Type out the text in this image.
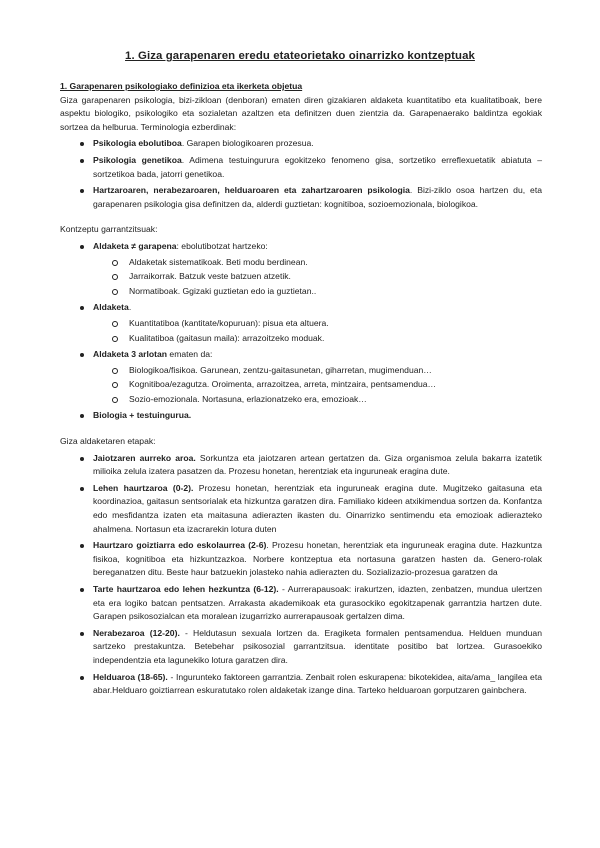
1. Giza garapenaren eredu etateorietako oinarrizko kontzeptuak

1. Garapenaren psikologiako definizioa eta ikerketa objetua

Giza garapenaren psikologia, bizi-zikloan (denboran) ematen diren gizakiaren aldaketa kuantitatibo eta kualitatiboak, bere aspektu biologiko, psikologiko eta sozialetan azaltzen eta definitzen duen zientzia da. Garapenaerako baldintza egokiak sortzea da helburua. Terminologia ezberdinak:

Psikologia ebolutiboa. Garapen biologikoaren prozesua.
Psikologia genetikoa. Adimena testuingurura egokitzeko fenomeno gisa, sortzetiko erreflexuetatik abiatuta – sortzetikoa bada, jatorri genetikoa.
Hartzaroaren, nerabezaroaren, helduaroaren eta zahartzaroaren psikologia. Bizi-ziklo osoa hartzen du, eta garapenaren psikologia gisa definitzen da, alderdi guztietan: kognitiboa, sozioemozionala, biologikoa.

Kontzeptu garrantzitsuak:

Aldaketa ≠ garapena: ebolutibotzat hartzeko:
Aldaketak sistematikoak. Beti modu berdinean.
Jarraikorrak. Batzuk veste batzuen atzetik.
Normatiboak. Ggizaki guztietan edo ia guztietan..
Aldaketa.
Kuantitatiboa (kantitate/kopuruan): pisua eta altuera.
Kualitatiboa (gaitasun maila): arrazoitzeko moduak.
Aldaketa 3 arlotan ematen da:
Biologikoa/fisikoa. Garunean, zentzu-gaitasunetan, giharretan, mugimenduan…
Kognitiboa/ezagutza. Oroimenta, arrazoitzea, arreta, mintzaira, pentsamendua…
Sozio-emozionala. Nortasuna, erlazionatzeko era, emozioak…
Biologia + testuingurua.

Giza aldaketaren etapak:

Jaiotzaren aurreko aroa. Sorkuntza eta jaiotzaren artean gertatzen da. Giza organismoa zelula bakarra izatetik milioika zelula izatera pasatzen da. Prozesu honetan, herentziak eta inguruneak eragina dute.
Lehen haurtzaroa (0-2). Prozesu honetan, herentziak eta inguruneak eragina dute. Mugitzeko gaitasuna eta koordinazioa, gaitasun sentsorialak eta hizkuntza garatzen dira. Familiako kideen atxikimendua sortzen da. Konfantza edo mesfidantza izaten eta maitasuna adierazten ikasten du. Oinarrizko sentimendu eta emozioak adierazteko ahalmena. Nortasun eta izacrarekin lotura duten
Haurtzaro goiztiarra edo eskolaurrea (2-6). Prozesu honetan, herentziak eta inguruneak eragina dute. Hazkuntza fisikoa, kognitiboa eta hizkuntzazkoa. Norbere kontzeptua eta nortasuna garatzen hasten da. Genero-rolak bereganatzen ditu. Beste haur batzuekin jolasteko nahia adierazten du. Sozializazio-prozesua garatzen da
Tarte haurtzaroa edo lehen hezkuntza (6-12). - Aurrerapausoak: irakurtzen, idazten, zenbatzen, mundua ulertzen eta era logiko batcan pentsatzen. Arrakasta akademikoak eta gurasockiko egokitzapenak garrantzia hartzen dute. Garapen psikosozialcan eta moralean izugarrizko aurrerapausoak gertalzen dima.
Nerabezaroa (12-20). - Heldutasun sexuala lortzen da. Eragiketa formalen pentsamendua. Helduen munduan sartzeko prestakuntza. Betebehar psikosozial garrantzitsua. identitate positibo bat lortzea. Gurasoekiko independentzia eta lagunekiko lotura garatzen dira.
Helduaroa (18-65). - Ingurunteko faktoreen garrantzia. Zenbait rolen eskurapena: bikotekidea, aita/ama_ langilea eta abar.Helduaro goiztiarrean eskuratutako rolen aldaketak izange dina. Tarteko helduaroan gorputzaren gainbchera.
